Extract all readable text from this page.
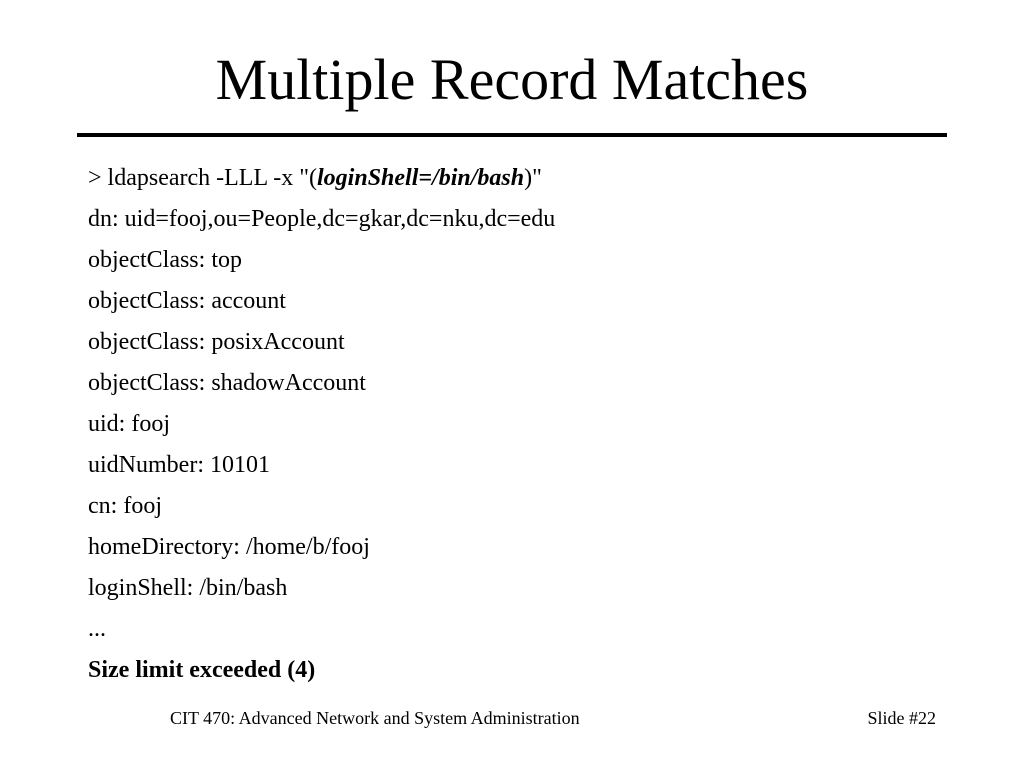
Multiple Record Matches
> ldapsearch -LLL -x "(loginShell=/bin/bash)"
dn: uid=fooj,ou=People,dc=gkar,dc=nku,dc=edu
objectClass: top
objectClass: account
objectClass: posixAccount
objectClass: shadowAccount
uid: fooj
uidNumber: 10101
cn: fooj
homeDirectory: /home/b/fooj
loginShell: /bin/bash
...
Size limit exceeded (4)
CIT 470: Advanced Network and System Administration	Slide #22
